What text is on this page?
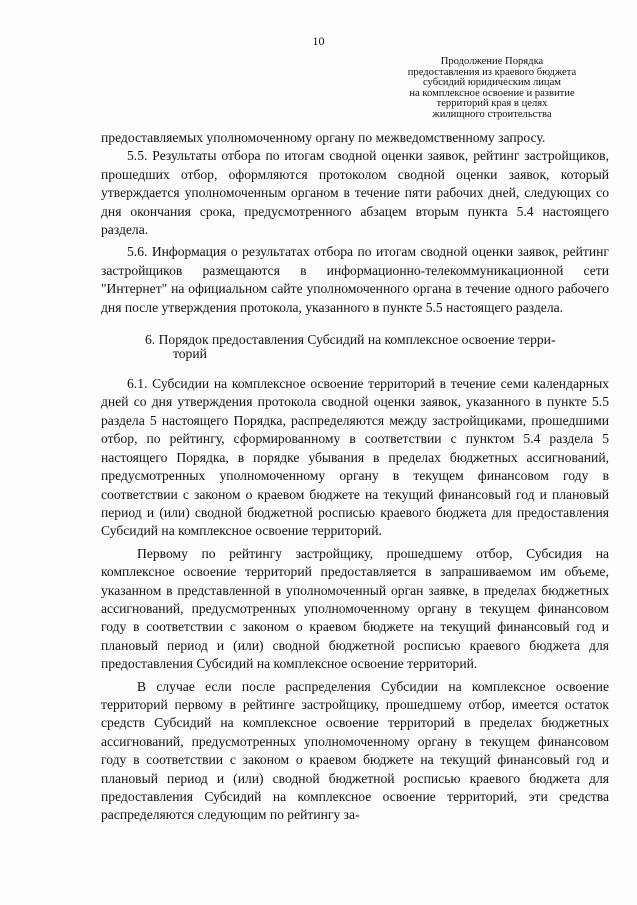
10
Продолжение Порядка
предоставления из краевого бюджета
субсидий юридическим лицам
на комплексное освоение и развитие
территорий края в целях
жилищного строительства

предоставляемых уполномоченному органу по межведомственному запросу.

5.5. Результаты отбора по итогам сводной оценки заявок, рейтинг застройщиков, прошедших отбор, оформляются протоколом сводной оценки заявок, который утверждается уполномоченным органом в течение пяти рабочих дней, следующих со дня окончания срока, предусмотренного абзацем вторым пункта 5.4 настоящего раздела.

5.6. Информация о результатах отбора по итогам сводной оценки заявок, рейтинг застройщиков размещаются в информационно-телекоммуникационной сети "Интернет" на официальном сайте уполномоченного органа в течение одного рабочего дня после утверждения протокола, указанного в пункте 5.5 настоящего раздела.

6. Порядок предоставления Субсидий на комплексное освоение терри-
торий

6.1. Субсидии на комплексное освоение территорий в течение семи календарных дней со дня утверждения протокола сводной оценки заявок, указанного в пункте 5.5 раздела 5 настоящего Порядка, распределяются между застройщиками, прошедшими отбор, по рейтингу, сформированному в соответствии с пунктом 5.4 раздела 5 настоящего Порядка, в порядке убывания в пределах бюджетных ассигнований, предусмотренных уполномоченному органу в текущем финансовом году в соответствии с законом о краевом бюджете на текущий финансовый год и плановый период и (или) сводной бюджетной росписью краевого бюджета для предоставления Субсидий на комплексное освоение территорий.

Первому по рейтингу застройщику, прошедшему отбор, Субсидия на комплексное освоение территорий предоставляется в запрашиваемом им объеме, указанном в представленной в уполномоченный орган заявке, в пределах бюджетных ассигнований, предусмотренных уполномоченному органу в текущем финансовом году в соответствии с законом о краевом бюджете на текущий финансовый год и плановый период и (или) сводной бюджетной росписью краевого бюджета для предоставления Субсидий на комплексное освоение территорий.

В случае если после распределения Субсидии на комплексное освоение территорий первому в рейтинге застройщику, прошедшему отбор, имеется остаток средств Субсидий на комплексное освоение территорий в пределах бюджетных ассигнований, предусмотренных уполномоченному органу в текущем финансовом году в соответствии с законом о краевом бюджете на текущий финансовый год и плановый период и (или) сводной бюджетной росписью краевого бюджета для предоставления Субсидий на комплексное освоение территорий, эти средства распределяются следующим по рейтингу за-
